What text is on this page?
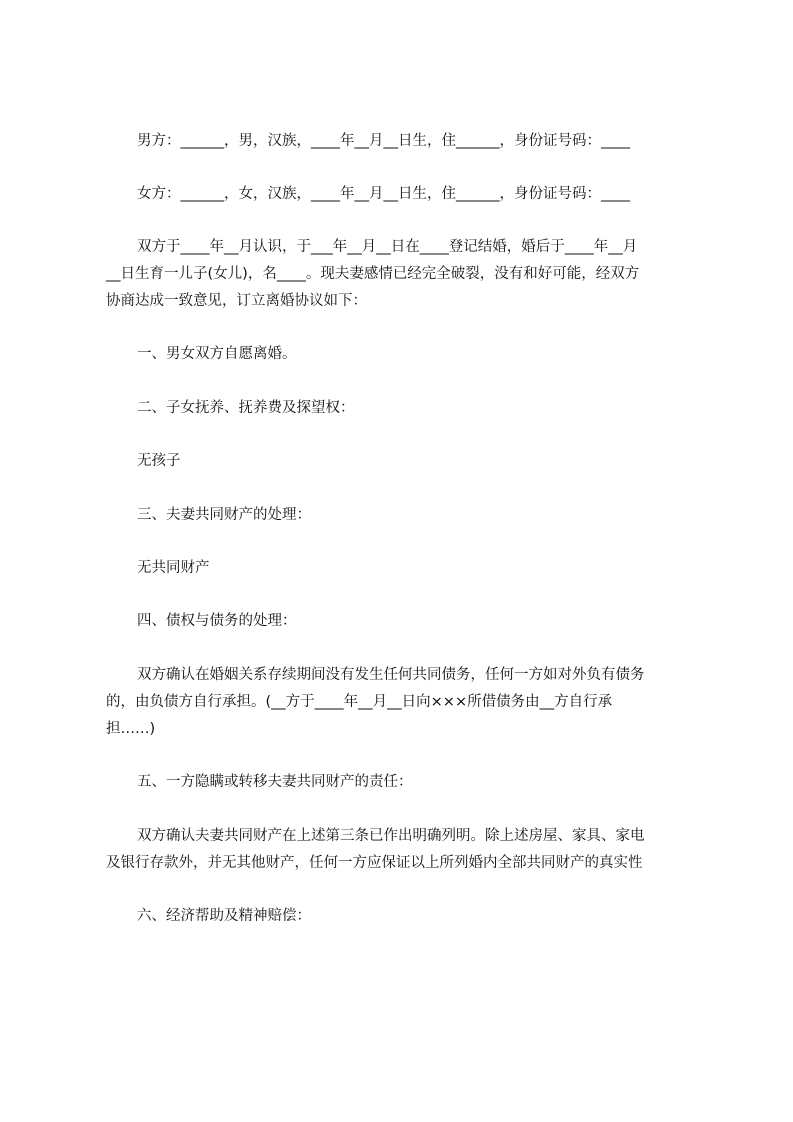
男方：______，男，汉族，____年__月__日生，住______，身份证号码：____

女方：______，女，汉族，____年__月__日生，住______，身份证号码：____

双方于____年__月认识，于___年__月__日在____登记结婚，婚后于____年__月

__日生育一儿子(女儿)，名____。现夫妻感情已经完全破裂，没有和好可能，经双方

协商达成一致意见，订立离婚协议如下：

一、男女双方自愿离婚。

二、子女抚养、抚养费及探望权：

无孩子

三、夫妻共同财产的处理：

无共同财产

四、债权与债务的处理：

双方确认在婚姻关系存续期间没有发生任何共同债务，任何一方如对外负有债务

的，由负债方自行承担。(__方于____年__月__日向×××所借债务由__方自行承

担……)

五、一方隐瞒或转移夫妻共同财产的责任：

双方确认夫妻共同财产在上述第三条已作出明确列明。除上述房屋、家具、家电

及银行存款外，并无其他财产，任何一方应保证以上所列婚内全部共同财产的真实性

六、经济帮助及精神赔偿：
